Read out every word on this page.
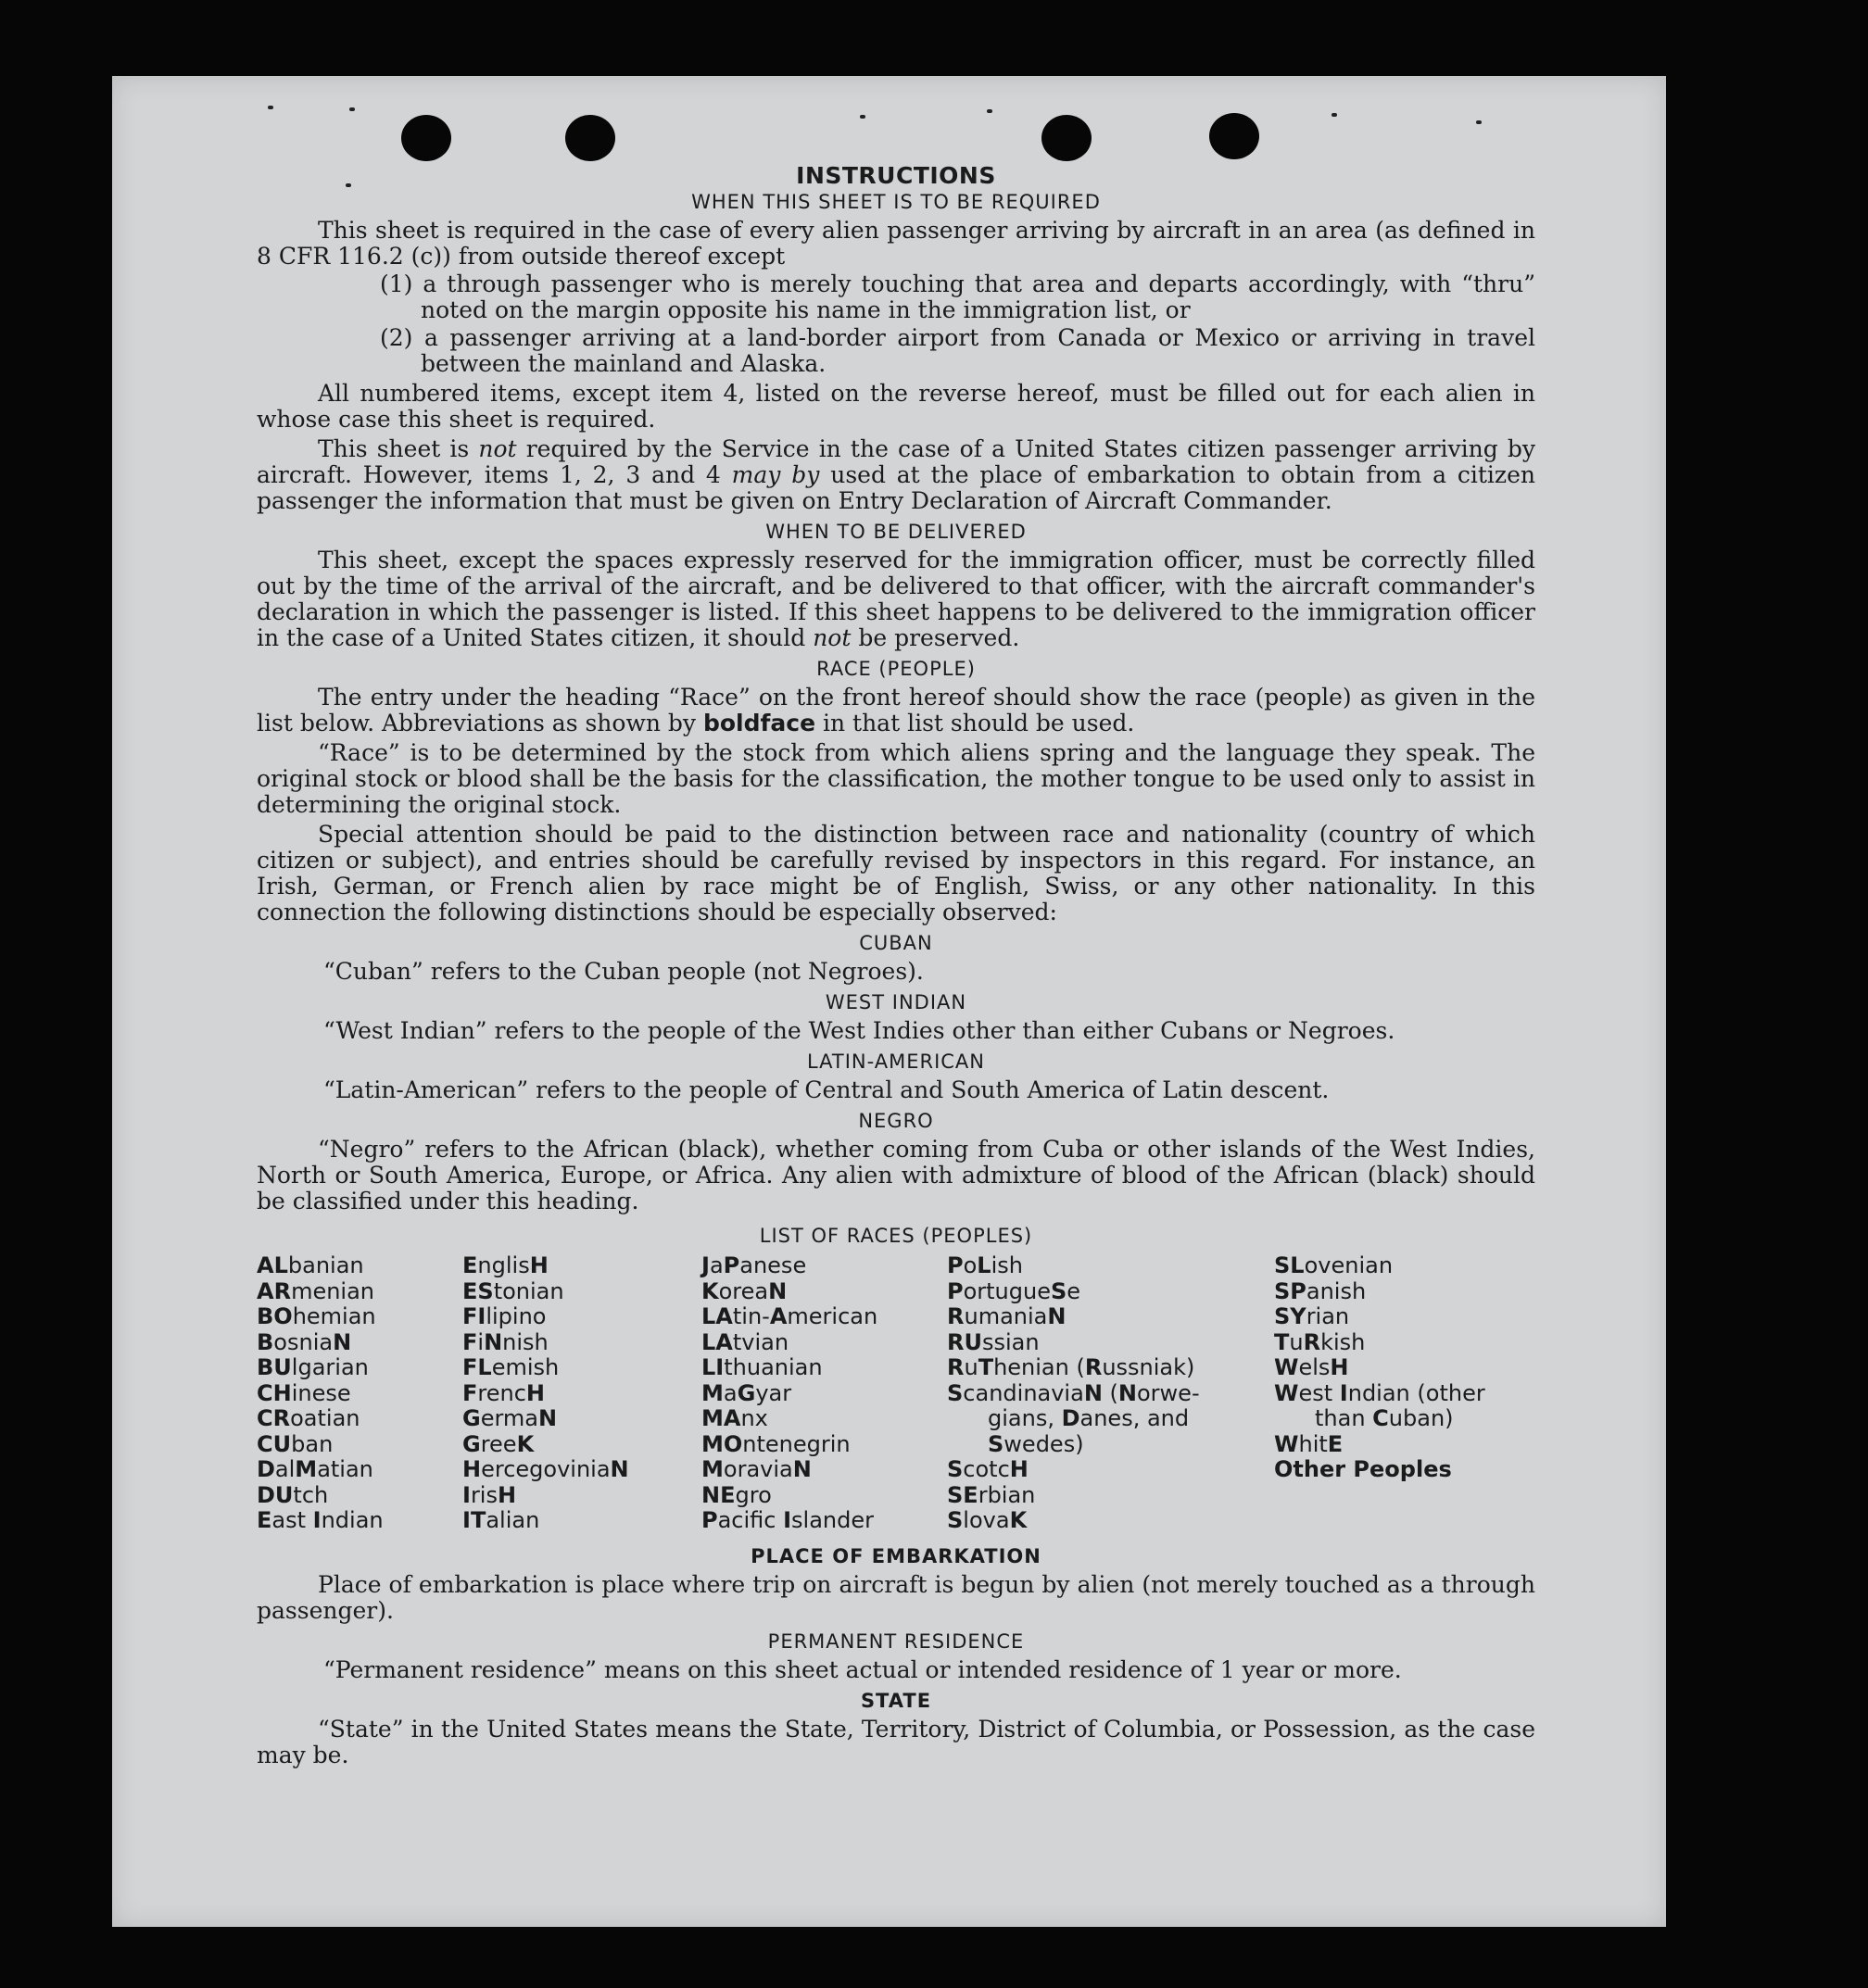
INSTRUCTIONS
WHEN THIS SHEET IS TO BE REQUIRED

This sheet is required in the case of every alien passenger arriving by aircraft in an area (as defined in 8 CFR 116.2 (c)) from outside thereof except

(1) a through passenger who is merely touching that area and departs accordingly, with “thru” noted on the margin opposite his name in the immigration list, or

(2) a passenger arriving at a land-border airport from Canada or Mexico or arriving in travel between the mainland and Alaska.

All numbered items, except item 4, listed on the reverse hereof, must be filled out for each alien in whose case this sheet is required.

This sheet is not required by the Service in the case of a United States citizen passenger arriving by aircraft. However, items 1, 2, 3 and 4 may by used at the place of embarkation to obtain from a citizen passenger the information that must be given on Entry Declaration of Aircraft Commander.

WHEN TO BE DELIVERED

This sheet, except the spaces expressly reserved for the immigration officer, must be correctly filled out by the time of the arrival of the aircraft, and be delivered to that officer, with the aircraft commander's declaration in which the passenger is listed. If this sheet happens to be delivered to the immigration officer in the case of a United States citizen, it should not be preserved.

RACE (PEOPLE)

The entry under the heading “Race” on the front hereof should show the race (people) as given in the list below. Abbreviations as shown by boldface in that list should be used.

“Race” is to be determined by the stock from which aliens spring and the language they speak. The original stock or blood shall be the basis for the classification, the mother tongue to be used only to assist in determining the original stock.

Special attention should be paid to the distinction between race and nationality (country of which citizen or subject), and entries should be carefully revised by inspectors in this regard. For instance, an Irish, German, or French alien by race might be of English, Swiss, or any other nationality. In this connection the following distinctions should be especially observed:

CUBAN

“Cuban” refers to the Cuban people (not Negroes).

WEST INDIAN

“West Indian” refers to the people of the West Indies other than either Cubans or Negroes.

LATIN-AMERICAN

“Latin-American” refers to the people of Central and South America of Latin descent.

NEGRO

“Negro” refers to the African (black), whether coming from Cuba or other islands of the West Indies, North or South America, Europe, or Africa. Any alien with admixture of blood of the African (black) should be classified under this heading.

LIST OF RACES (PEOPLES)
ALbanian
ARmenian
BOhemian
BosniaN
BUlgarian
CHinese
CRoatian
CUban
DalMatian
DUtch
East Indian
EnglisH
EStonian
FIlipino
FiNnish
FLemish
FrencH
GermaN
GreeK
HercegoviniaN
IrisH
ITalian
JaPanese
KoreaN
LAtin-American
LAtvian
LIthuanian
MaGyar
MAnx
MOntenegrin
MoraviaN
NEgro
Pacific Islander
PoLish
PortugueSe
RumaniaN
RUssian
RuThenian (Russniak)
ScandinaviaN (Norwe-
gians, Danes, and
Swedes)
ScotcH
SErbian
SlovaK
SLovenian
SPanish
SYrian
TuRkish
WelsH
West Indian (other
than Cuban)
WhitE
Other Peoples
PLACE OF EMBARKATION

Place of embarkation is place where trip on aircraft is begun by alien (not merely touched as a through passenger).

PERMANENT RESIDENCE

“Permanent residence” means on this sheet actual or intended residence of 1 year or more.

STATE

“State” in the United States means the State, Territory, District of Columbia, or Possession, as the case may be.
